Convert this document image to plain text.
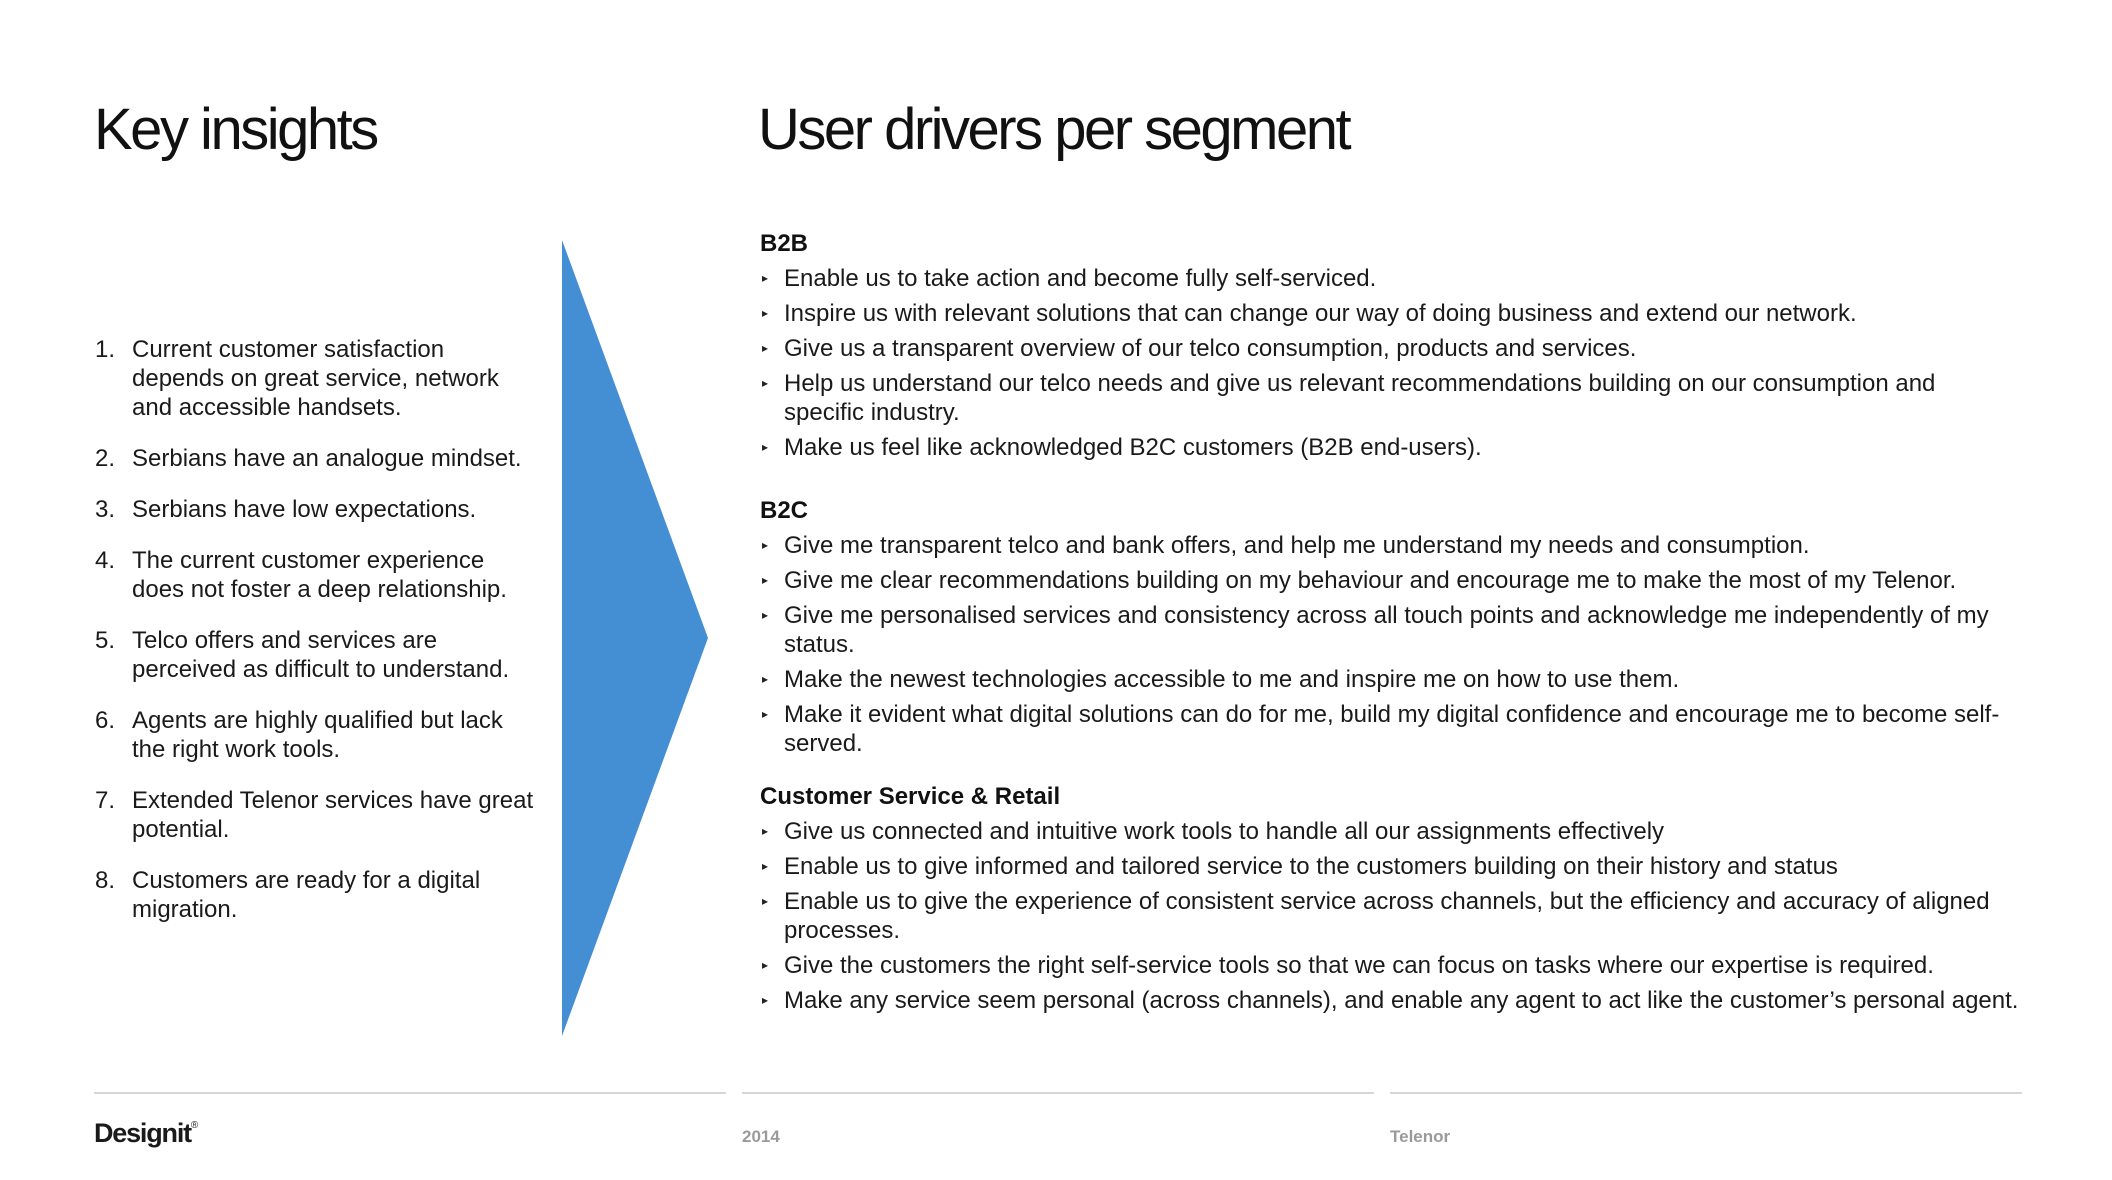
Key insights	User drivers per segment
1. Current customer satisfaction depends on great service, network and accessible handsets.
2. Serbians have an analogue mindset.
3. Serbians have low expectations.
4. The current customer experience does not foster a deep relationship.
5. Telco offers and services are perceived as difficult to understand.
6. Agents are highly qualified but lack the right work tools.
7. Extended Telenor services have great potential.
8. Customers are ready for a digital migration.
B2B
▸ Enable us to take action and become fully self-serviced.
▸ Inspire us with relevant solutions that can change our way of doing business and extend our network.
▸ Give us a transparent overview of our telco consumption, products and services.
▸ Help us understand our telco needs and give us relevant recommendations building on our consumption and specific industry.
▸ Make us feel like acknowledged B2C customers (B2B end-users).
B2C
▸ Give me transparent telco and bank offers, and help me understand my needs and consumption.
▸ Give me clear recommendations building on my behaviour and encourage me to make the most of my Telenor.
▸ Give me personalised services and consistency across all touch points and acknowledge me independently of my status.
▸ Make the newest technologies accessible to me and inspire me on how to use them.
▸ Make it evident what digital solutions can do for me, build my digital confidence and encourage me to become self-served.
Customer Service & Retail
▸ Give us connected and intuitive work tools to handle all our assignments effectively
▸ Enable us to give informed and tailored service to the customers building on their history and status
▸ Enable us to give the experience of consistent service across channels, but the efficiency and accuracy of aligned processes.
▸ Give the customers the right self-service tools so that we can focus on tasks where our expertise is required.
▸ Make any service seem personal (across channels), and enable any agent to act like the customer’s personal agent.
Designit®
2014	Telenor
